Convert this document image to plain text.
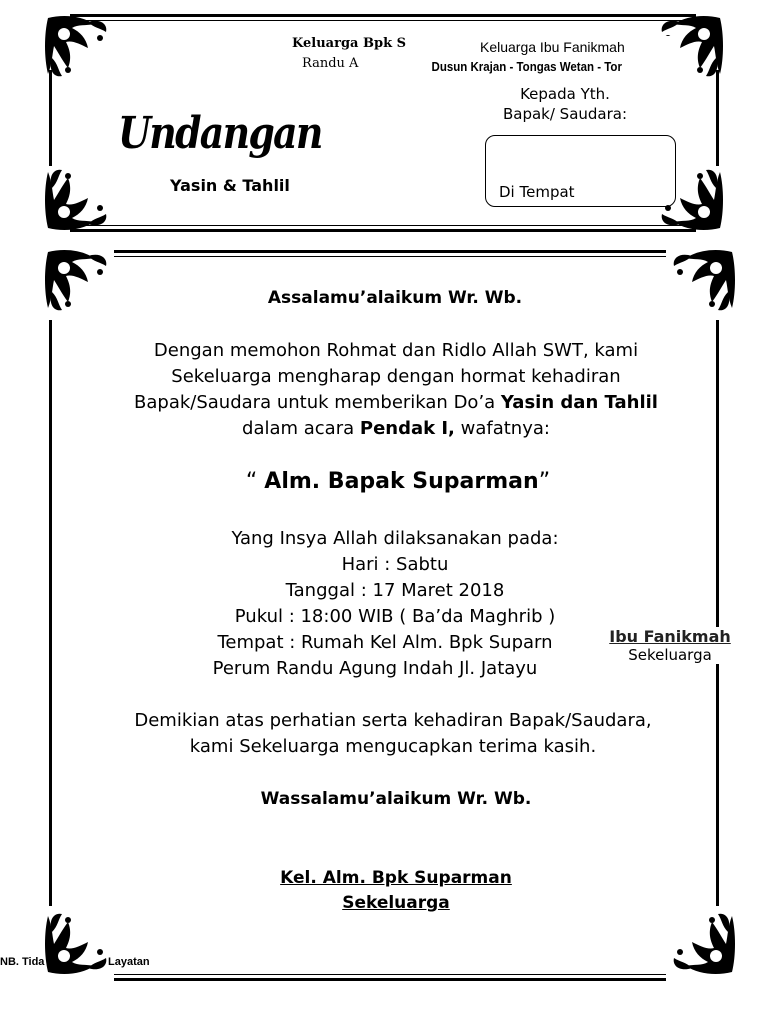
Keluarga Bpk S
Randu A
Keluarga Ibu Fanikmah
Dusun Krajan - Tongas Wetan - Tor
Kepada Yth.
Bapak/ Saudara:
Di Tempat
Undangan
Yasin & Tahlil
Assalamu’alaikum Wr. Wb.

Dengan memohon Rohmat dan Ridlo Allah SWT, kami

Sekeluarga mengharap dengan hormat kehadiran

Bapak/Saudara untuk memberikan Do’a Yasin dan Tahlil

dalam acara Pendak I, wafatnya:

“ Alm. Bapak Suparman”

Yang Insya Allah dilaksanakan pada:

Hari : Sabtu

Tanggal : 17 Maret 2018

Pukul : 18:00 WIB ( Ba’da Maghrib )

Tempat : Rumah Kel Alm. Bpk Suparn

Perum Randu Agung Indah Jl. Jatayu

Ibu Fanikmah
Sekeluarga

Demikian atas perhatian serta kehadiran Bapak/Saudara,

kami Sekeluarga mengucapkan terima kasih.

Wassalamu’alaikum Wr. Wb.
Kel. Alm. Bpk Suparman
Sekeluarga
NB. Tida	Layatan
